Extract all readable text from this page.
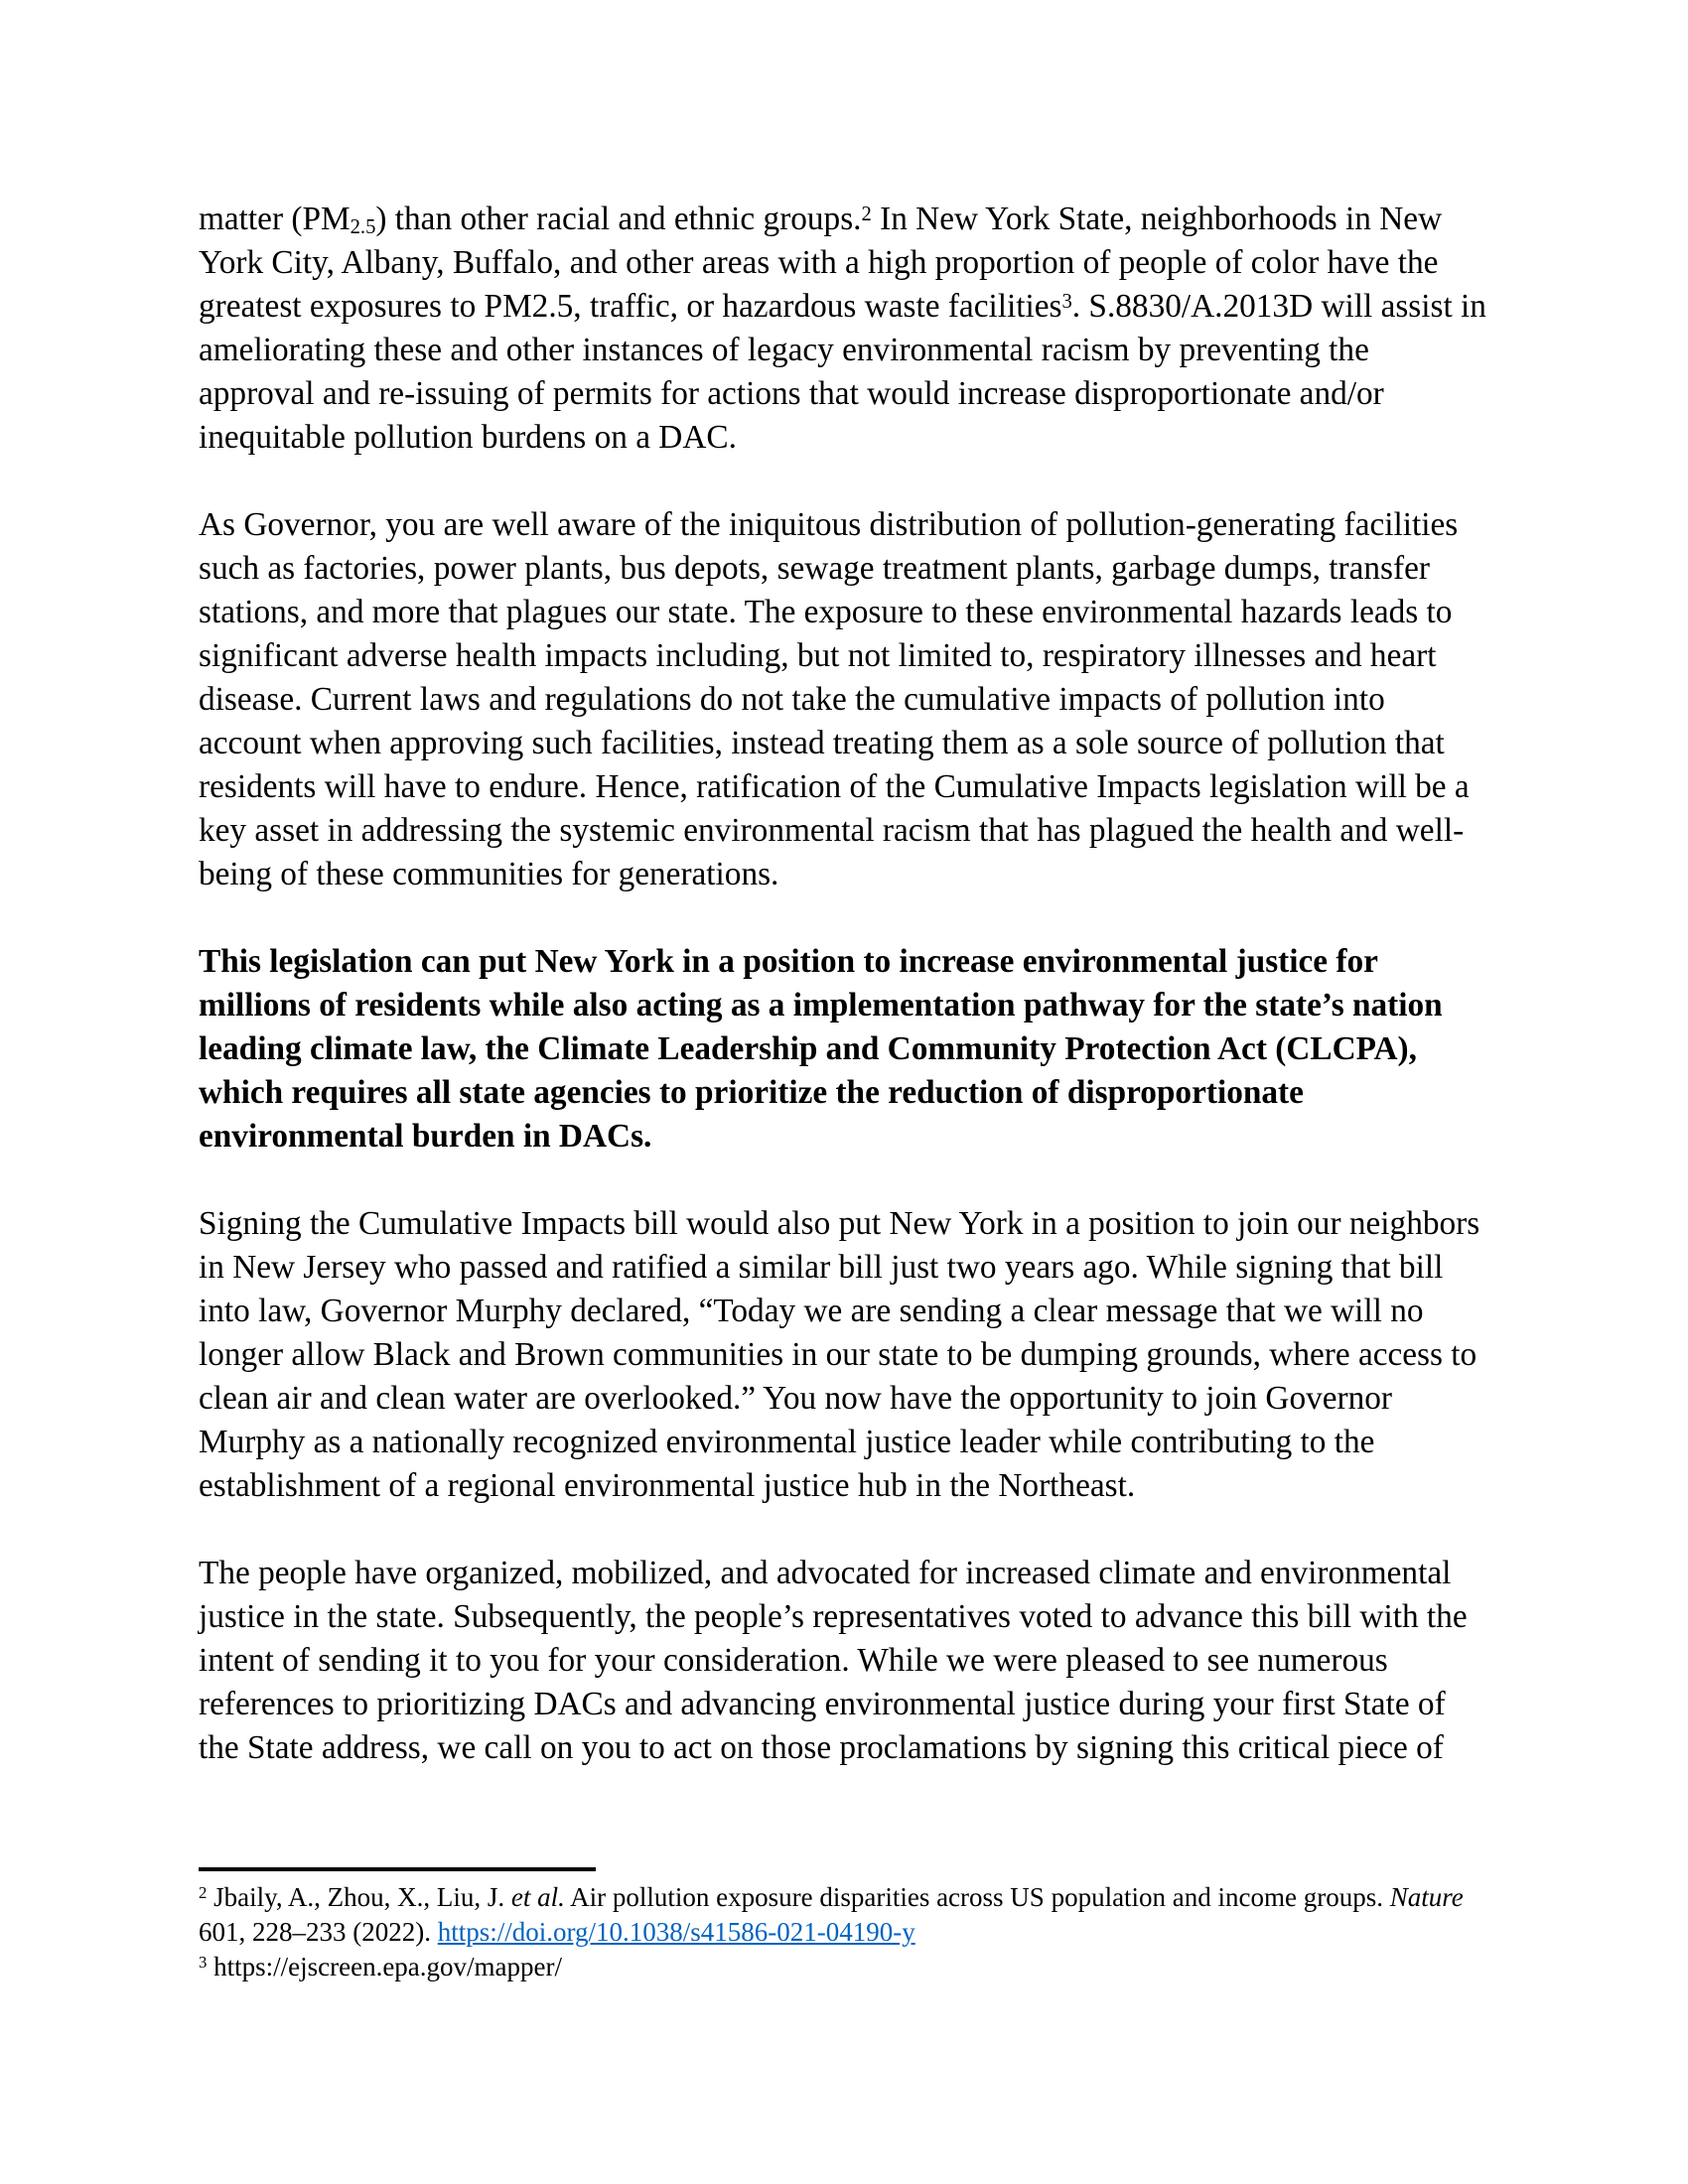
matter (PM2.5) than other racial and ethnic groups.$^2$ In New York State, neighborhoods in New York City, Albany, Buffalo, and other areas with a high proportion of people of color have the greatest exposures to PM2.5, traffic, or hazardous waste facilities$^3$. S.8830/A.2013D will assist in ameliorating these and other instances of legacy environmental racism by preventing the approval and re-issuing of permits for actions that would increase disproportionate and/or inequitable pollution burdens on a DAC.

As Governor, you are well aware of the iniquitous distribution of pollution-generating facilities such as factories, power plants, bus depots, sewage treatment plants, garbage dumps, transfer stations, and more that plagues our state. The exposure to these environmental hazards leads to significant adverse health impacts including, but not limited to, respiratory illnesses and heart disease. Current laws and regulations do not take the cumulative impacts of pollution into account when approving such facilities, instead treating them as a sole source of pollution that residents will have to endure. Hence, ratification of the Cumulative Impacts legislation will be a key asset in addressing the systemic environmental racism that has plagued the health and well-being of these communities for generations.

This legislation can put New York in a position to increase environmental justice for millions of residents while also acting as a implementation pathway for the state’s nation leading climate law, the Climate Leadership and Community Protection Act (CLCPA), which requires all state agencies to prioritize the reduction of disproportionate environmental burden in DACs.

Signing the Cumulative Impacts bill would also put New York in a position to join our neighbors in New Jersey who passed and ratified a similar bill just two years ago. While signing that bill into law, Governor Murphy declared, “Today we are sending a clear message that we will no longer allow Black and Brown communities in our state to be dumping grounds, where access to clean air and clean water are overlooked.” You now have the opportunity to join Governor Murphy as a nationally recognized environmental justice leader while contributing to the establishment of a regional environmental justice hub in the Northeast.

The people have organized, mobilized, and advocated for increased climate and environmental justice in the state. Subsequently, the people’s representatives voted to advance this bill with the intent of sending it to you for your consideration. While we were pleased to see numerous references to prioritizing DACs and advancing environmental justice during your first State of the State address, we call on you to act on those proclamations by signing this critical piece of

$^2$ Jbaily, A., Zhou, X., Liu, J. et al. Air pollution exposure disparities across US population and income groups. Nature 601, 228–233 (2022). https://doi.org/10.1038/s41586-021-04190-y

$^3$ https://ejscreen.epa.gov/mapper/
